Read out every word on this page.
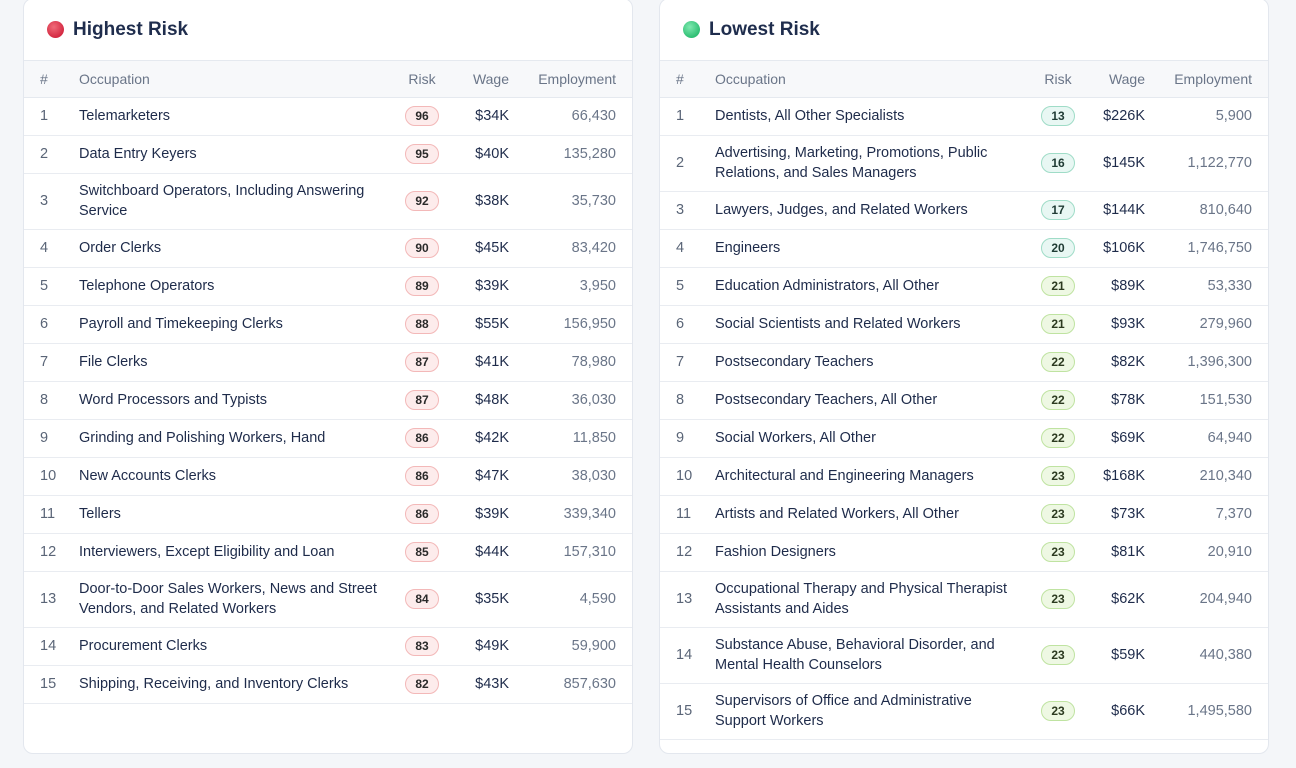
Highest Risk
#	Occupation	Risk	Wage	Employment
1	Telemarketers	96	$34K	66,430
2	Data Entry Keyers	95	$40K	135,280
3	Switchboard Operators, Including Answering Service	92	$38K	35,730
4	Order Clerks	90	$45K	83,420
5	Telephone Operators	89	$39K	3,950
6	Payroll and Timekeeping Clerks	88	$55K	156,950
7	File Clerks	87	$41K	78,980
8	Word Processors and Typists	87	$48K	36,030
9	Grinding and Polishing Workers, Hand	86	$42K	11,850
10	New Accounts Clerks	86	$47K	38,030
11	Tellers	86	$39K	339,340
12	Interviewers, Except Eligibility and Loan	85	$44K	157,310
13	Door-to-Door Sales Workers, News and Street Vendors, and Related Workers	84	$35K	4,590
14	Procurement Clerks	83	$49K	59,900
15	Shipping, Receiving, and Inventory Clerks	82	$43K	857,630
Lowest Risk
#	Occupation	Risk	Wage	Employment
1	Dentists, All Other Specialists	13	$226K	5,900
2	Advertising, Marketing, Promotions, Public Relations, and Sales Managers	16	$145K	1,122,770
3	Lawyers, Judges, and Related Workers	17	$144K	810,640
4	Engineers	20	$106K	1,746,750
5	Education Administrators, All Other	21	$89K	53,330
6	Social Scientists and Related Workers	21	$93K	279,960
7	Postsecondary Teachers	22	$82K	1,396,300
8	Postsecondary Teachers, All Other	22	$78K	151,530
9	Social Workers, All Other	22	$69K	64,940
10	Architectural and Engineering Managers	23	$168K	210,340
11	Artists and Related Workers, All Other	23	$73K	7,370
12	Fashion Designers	23	$81K	20,910
13	Occupational Therapy and Physical Therapist Assistants and Aides	23	$62K	204,940
14	Substance Abuse, Behavioral Disorder, and Mental Health Counselors	23	$59K	440,380
15	Supervisors of Office and Administrative Support Workers	23	$66K	1,495,580
